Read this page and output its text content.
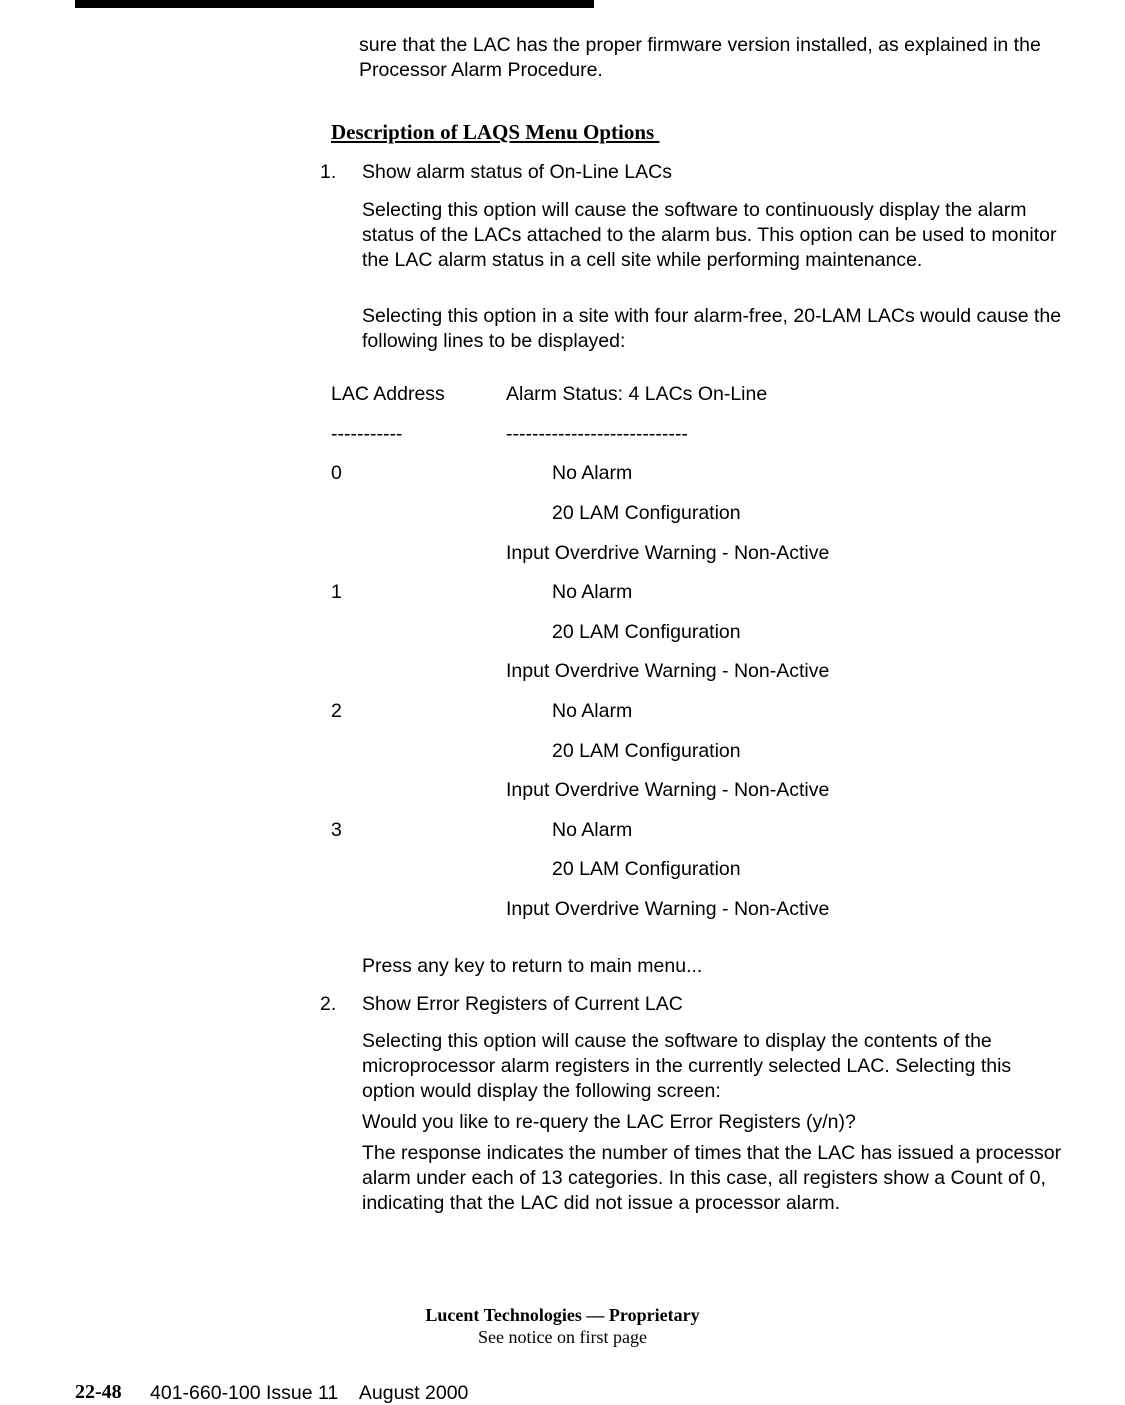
sure that the LAC has the proper firmware version installed, as explained in the Processor Alarm Procedure.

Description of LAQS Menu Options
1. Show alarm status of On-Line LACs

Selecting this option will cause the software to continuously display the alarm status of the LACs attached to the alarm bus. This option can be used to monitor the LAC alarm status in a cell site while performing maintenance.

Selecting this option in a site with four alarm-free, 20-LAM LACs would cause the following lines to be displayed:

LAC Address	Alarm Status: 4 LACs On-Line
-----------	----------------------------
0	No Alarm
20 LAM Configuration
Input Overdrive Warning - Non-Active
1	No Alarm
20 LAM Configuration
Input Overdrive Warning - Non-Active
2	No Alarm
20 LAM Configuration
Input Overdrive Warning - Non-Active
3	No Alarm
20 LAM Configuration
Input Overdrive Warning - Non-Active

Press any key to return to main menu...

2. Show Error Registers of Current LAC

Selecting this option will cause the software to display the contents of the microprocessor alarm registers in the currently selected LAC. Selecting this option would display the following screen:

Would you like to re-query the LAC Error Registers (y/n)?

The response indicates the number of times that the LAC has issued a processor alarm under each of 13 categories. In this case, all registers show a Count of 0, indicating that the LAC did not issue a processor alarm.

Lucent Technologies — Proprietary
See notice on first page
22-48 401-660-100 Issue 11    August 2000
